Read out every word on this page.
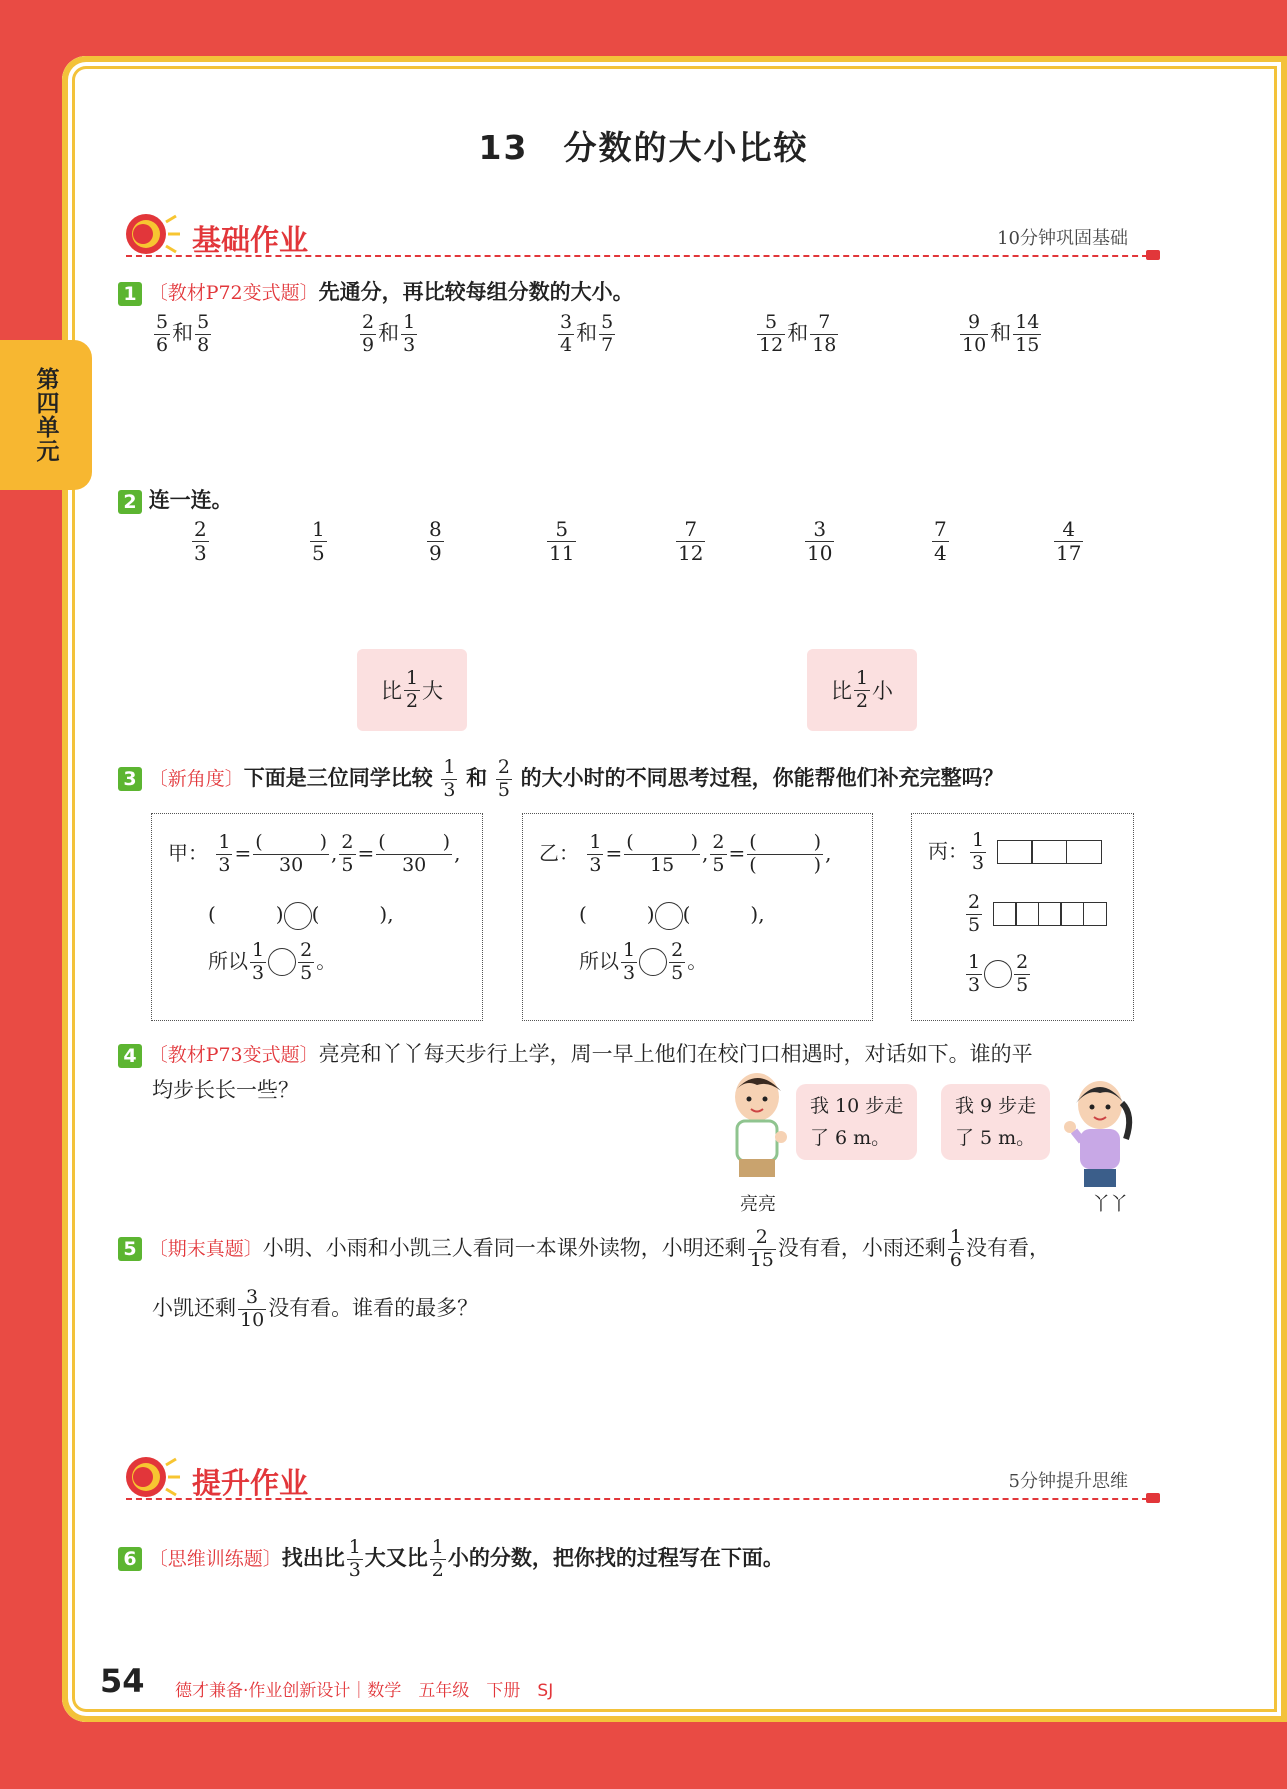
第四单元
13　分数的大小比较
基础作业	10分钟巩固基础
1 〔教材P72变式题〕先通分，再比较每组分数的大小。
$\frac{5}{6}$ 和 $\frac{5}{8}$	$\frac{2}{9}$ 和 $\frac{1}{3}$	$\frac{3}{4}$ 和 $\frac{5}{7}$	$\frac{5}{12}$ 和 $\frac{7}{18}$	$\frac{9}{10}$ 和 $\frac{14}{15}$
2 连一连。
$\frac{2}{3}$	$\frac{1}{5}$	$\frac{8}{9}$	$\frac{5}{11}$	$\frac{7}{12}$	$\frac{3}{10}$	$\frac{7}{4}$	$\frac{4}{17}$
比 $\frac{1}{2}$ 大	比 $\frac{1}{2}$ 小
3 〔新角度〕下面是三位同学比较 $\frac{1}{3}$ 和 $\frac{2}{5}$ 的大小时的不同思考过程，你能帮他们补充完整吗？
甲： $\frac{1}{3} = \frac{( )}{30}$ , $\frac{2}{5} = \frac{( )}{30}$ ,
(　　　) (　　　),
所以 $\frac{1}{3} \frac{2}{5}$ 。
乙： $\frac{1}{3} = \frac{( )}{15}$ , $\frac{2}{5} = \frac{( )}{( )}$ ,
(　　　) (　　　),
所以 $\frac{1}{3} \frac{2}{5}$ 。
丙： $\frac{1}{3}$

$\frac{2}{5}$

$\frac{1}{3} \frac{2}{5}$
4 〔教材P73变式题〕亮亮和丫丫每天步行上学，周一早上他们在校门口相遇时，对话如下。谁的平
均步长长一些？
我 10 步走
了 6 m。
我 9 步走
了 5 m。
亮亮	丫丫
5 〔期末真题〕小明、小雨和小凯三人看同一本课外读物，小明还剩 $\frac{2}{15}$ 没有看，小雨还剩 $\frac{1}{6}$ 没有看，
小凯还剩 $\frac{3}{10}$ 没有看。谁看的最多？
提升作业	5分钟提升思维
6 〔思维训练题〕找出比 $\frac{1}{3}$ 大又比 $\frac{1}{2}$ 小的分数，把你找的过程写在下面。
54 德才兼备·作业创新设计｜数学　五年级　下册　SJ
